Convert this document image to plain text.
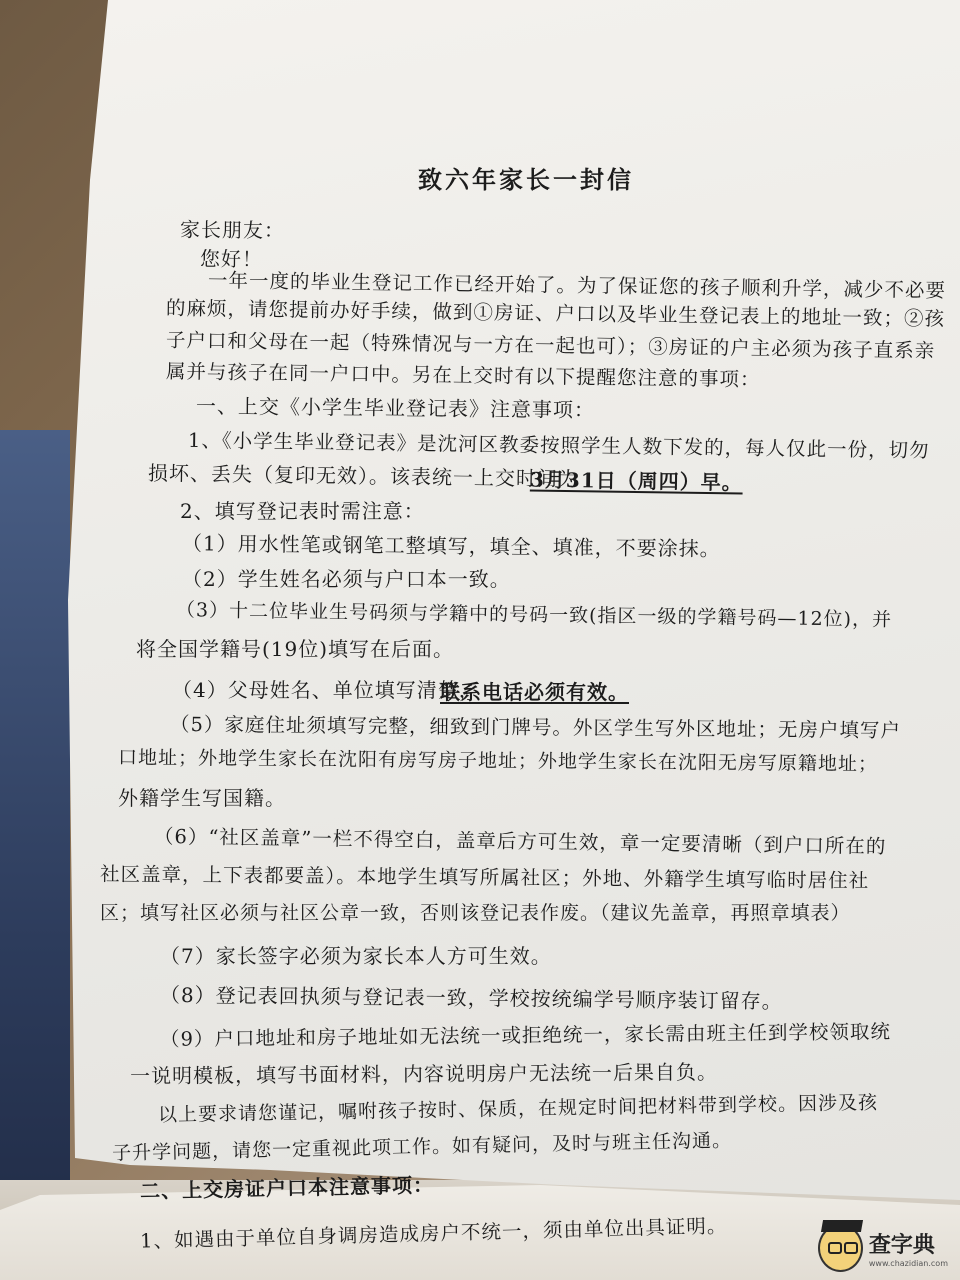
致六年家长一封信
家长朋友：
您好！
一年一度的毕业生登记工作已经开始了。为了保证您的孩子顺利升学，减少不必要
的麻烦，请您提前办好手续，做到①房证、户口以及毕业生登记表上的地址一致；②孩
子户口和父母在一起（特殊情况与一方在一起也可）；③房证的户主必须为孩子直系亲
属并与孩子在同一户口中。另在上交时有以下提醒您注意的事项：
一、上交《小学生毕业登记表》注意事项：
1、《小学生毕业登记表》是沈河区教委按照学生人数下发的，每人仅此一份，切勿
损坏、丢失（复印无效）。该表统一上交时间为
3月31日（周四）早。
2、填写登记表时需注意：
（1）用水性笔或钢笔工整填写，填全、填准，不要涂抹。
（2）学生姓名必须与户口本一致。
（3）十二位毕业生号码须与学籍中的号码一致(指区一级的学籍号码—12位)，并
将全国学籍号(19位)填写在后面。
（4）父母姓名、单位填写清楚，
联系电话必须有效。
（5）家庭住址须填写完整，细致到门牌号。外区学生写外区地址；无房户填写户
口地址；外地学生家长在沈阳有房写房子地址；外地学生家长在沈阳无房写原籍地址；
外籍学生写国籍。
（6）“社区盖章”一栏不得空白，盖章后方可生效，章一定要清晰（到户口所在的
社区盖章，上下表都要盖）。本地学生填写所属社区；外地、外籍学生填写临时居住社
区；填写社区必须与社区公章一致，否则该登记表作废。（建议先盖章，再照章填表）
（7）家长签字必须为家长本人方可生效。
（8）登记表回执须与登记表一致，学校按统编学号顺序装订留存。
（9）户口地址和房子地址如无法统一或拒绝统一，家长需由班主任到学校领取统
一说明模板，填写书面材料，内容说明房户无法统一后果自负。
以上要求请您谨记，嘱咐孩子按时、保质，在规定时间把材料带到学校。因涉及孩
子升学问题，请您一定重视此项工作。如有疑问，及时与班主任沟通。
二、上交房证户口本注意事项：
1、如遇由于单位自身调房造成房户不统一，须由单位出具证明。	查字典
www.chazidian.com
